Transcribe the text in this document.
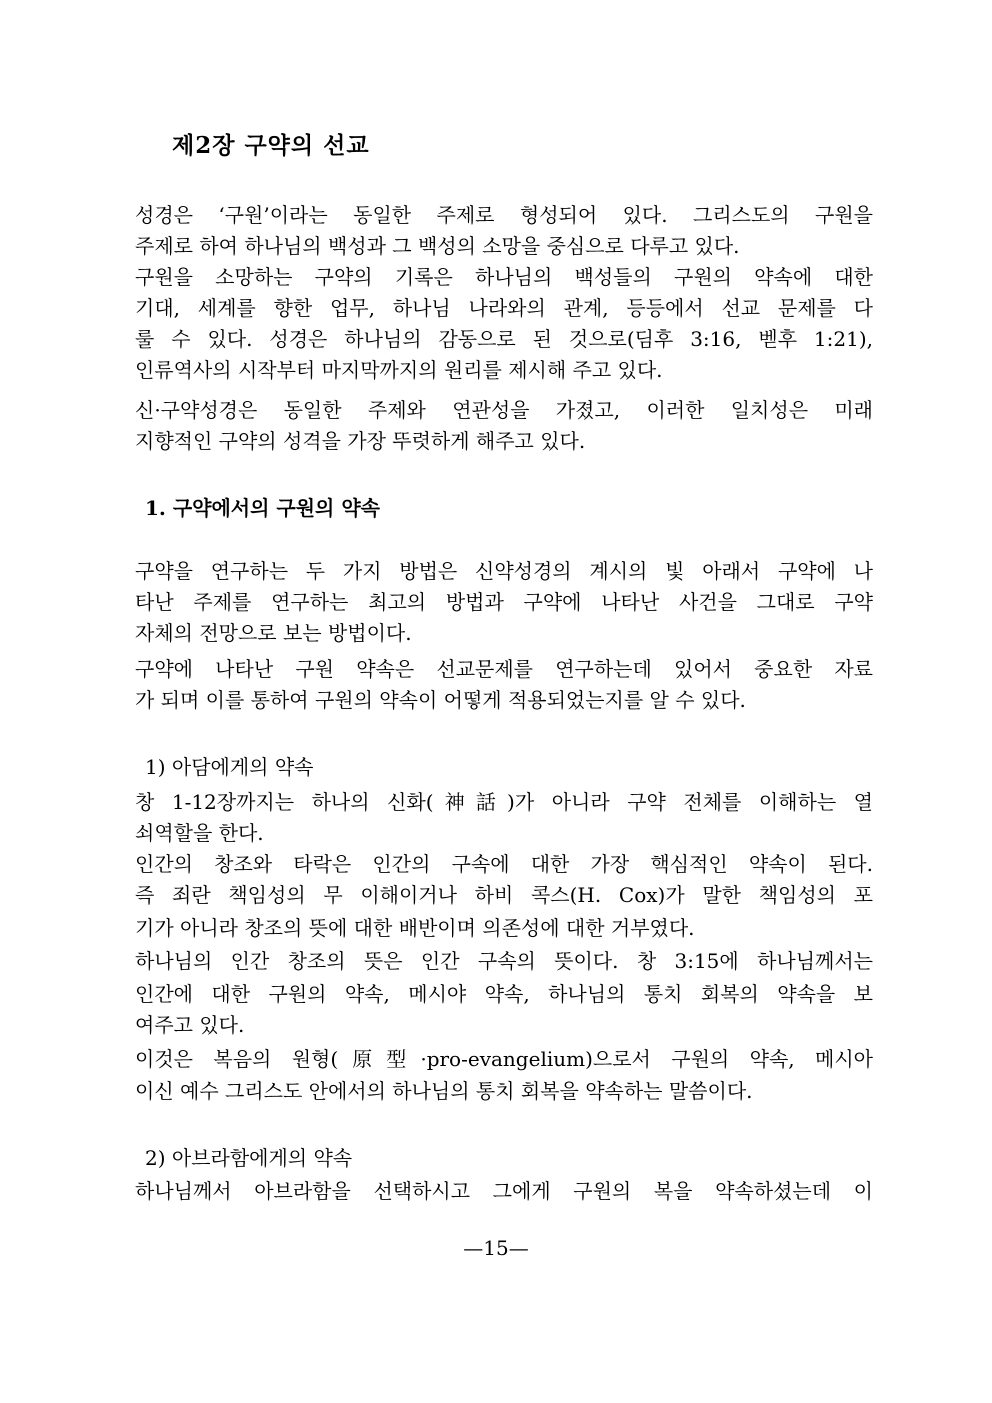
제2장 구약의 선교
성경은 ‘구원’이라는 동일한 주제로 형성되어 있다. 그리스도의 구원을
주제로 하여 하나님의 백성과 그 백성의 소망을 중심으로 다루고 있다.
구원을 소망하는 구약의 기록은 하나님의 백성들의 구원의 약속에 대한
기대, 세계를 향한 업무, 하나님 나라와의 관계, 등등에서 선교 문제를 다
룰 수 있다. 성경은 하나님의 감동으로 된 것으로(딤후 3:16, 벧후 1:21),
인류역사의 시작부터 마지막까지의 원리를 제시해 주고 있다.
신·구약성경은 동일한 주제와 연관성을 가졌고, 이러한 일치성은 미래
지향적인 구약의 성격을 가장 뚜렷하게 해주고 있다.
1. 구약에서의 구원의 약속
구약을 연구하는 두 가지 방법은 신약성경의 계시의 빛 아래서 구약에 나
타난 주제를 연구하는 최고의 방법과 구약에 나타난 사건을 그대로 구약
자체의 전망으로 보는 방법이다.
구약에 나타난 구원 약속은 선교문제를 연구하는데 있어서 중요한 자료
가 되며 이를 통하여 구원의 약속이 어떻게 적용되었는지를 알 수 있다.
1) 아담에게의 약속
창 1-12장까지는 하나의 신화(神話)가 아니라 구약 전체를 이해하는 열
쇠역할을 한다.
인간의 창조와 타락은 인간의 구속에 대한 가장 핵심적인 약속이 된다.
즉 죄란 책임성의 무 이해이거나 하비 콕스(H. Cox)가 말한 책임성의 포
기가 아니라 창조의 뜻에 대한 배반이며 의존성에 대한 거부였다.
하나님의 인간 창조의 뜻은 인간 구속의 뜻이다. 창 3:15에 하나님께서는
인간에 대한 구원의 약속, 메시야 약속, 하나님의 통치 회복의 약속을 보
여주고 있다.
이것은 복음의 원형(原型·pro-evangelium)으로서 구원의 약속, 메시아
이신 예수 그리스도 안에서의 하나님의 통치 회복을 약속하는 말씀이다.
2) 아브라함에게의 약속
하나님께서 아브라함을 선택하시고 그에게 구원의 복을 약속하셨는데 이
—15—
